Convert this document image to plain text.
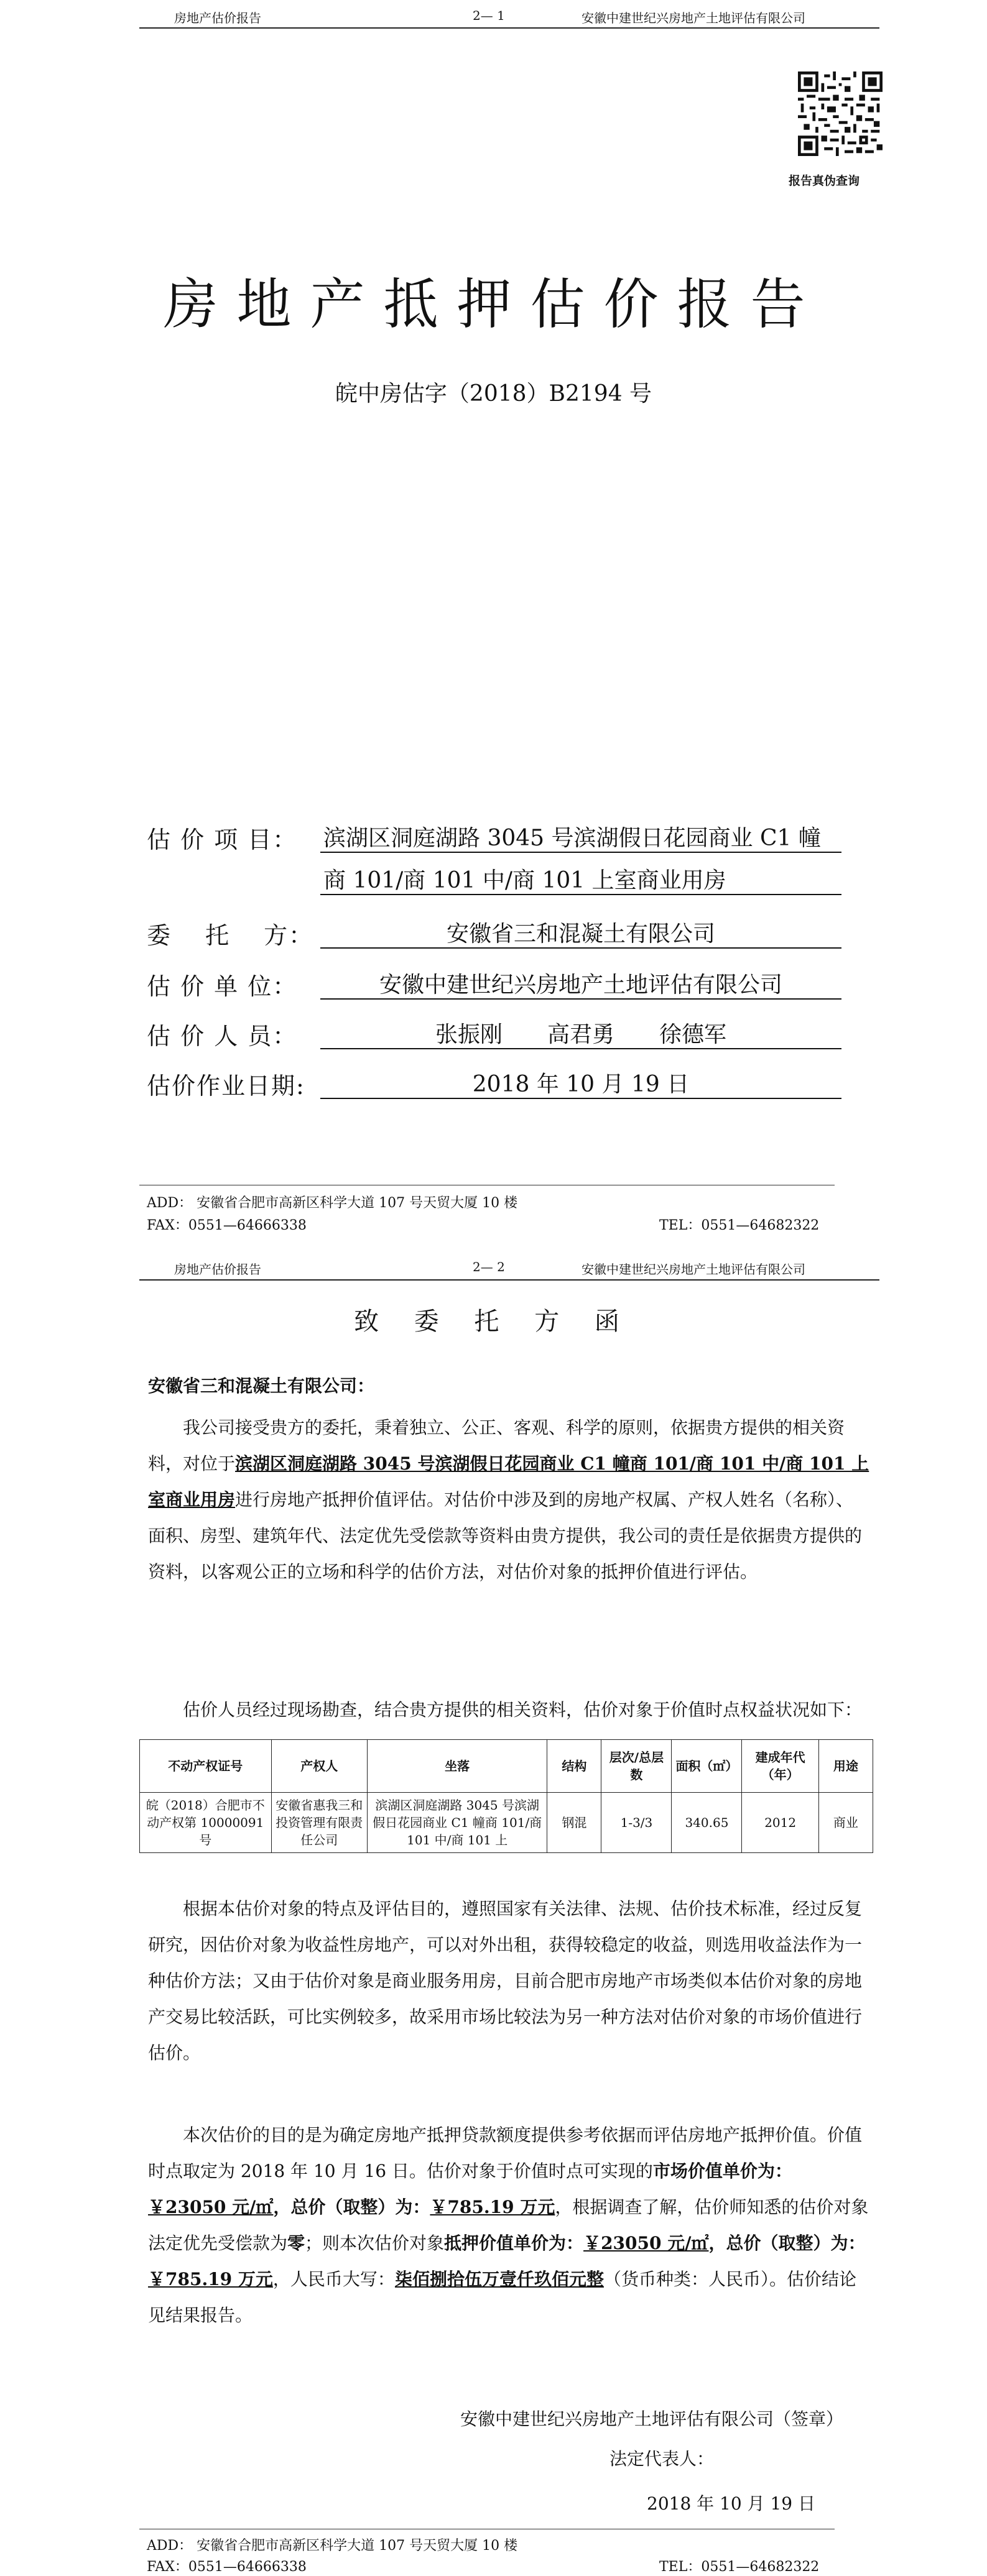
房地产估价报告	2— 1	安徽中建世纪兴房地产土地评估有限公司
报告真伪查询
房地产抵押估价报告
皖中房估字（2018）B2194 号
估 价 项 目： 滨湖区洞庭湖路 3045 号滨湖假日花园商业 C1 幢
商 101/商 101 中/商 101 上室商业用房
委　 托　 方：	安徽省三和混凝土有限公司
估 价 单 位：	安徽中建世纪兴房地产土地评估有限公司
估 价 人 员：	张振刚　　高君勇　　徐德军
估价作业日期:	2018 年 10 月 19 日
ADD： 安徽省合肥市高新区科学大道 107 号天贸大厦 10 楼
FAX：0551—64666338	TEL：0551—64682322
房地产估价报告	2— 2	安徽中建世纪兴房地产土地评估有限公司
致 委 托 方 函
安徽省三和混凝土有限公司：
我公司接受贵方的委托，秉着独立、公正、客观、科学的原则，依据贵方提供的相关资料，对位于滨湖区洞庭湖路 3045 号滨湖假日花园商业 C1 幢商 101/商 101 中/商 101 上室商业用房进行房地产抵押价值评估。对估价中涉及到的房地产权属、产权人姓名（名称）、面积、房型、建筑年代、法定优先受偿款等资料由贵方提供，我公司的责任是依据贵方提供的资料，以客观公正的立场和科学的估价方法，对估价对象的抵押价值进行评估。
估价人员经过现场勘查，结合贵方提供的相关资料，估价对象于价值时点权益状况如下：
不动产权证号	产权人	坐落	结构	层次/总层数	面积（㎡）	建成年代（年）	用途
皖（2018）合肥市不动产权第 10000091 号	安徽省惠我三和投资管理有限责任公司	滨湖区洞庭湖路 3045 号滨湖假日花园商业 C1 幢商 101/商 101 中/商 101 上	钢混	1-3/3	340.65	2012	商业
根据本估价对象的特点及评估目的，遵照国家有关法律、法规、估价技术标准，经过反复研究，因估价对象为收益性房地产，可以对外出租，获得较稳定的收益，则选用收益法作为一种估价方法；又由于估价对象是商业服务用房，目前合肥市房地产市场类似本估价对象的房地产交易比较活跃，可比实例较多，故采用市场比较法为另一种方法对估价对象的市场价值进行估价。
本次估价的目的是为确定房地产抵押贷款额度提供参考依据而评估房地产抵押价值。价值时点取定为 2018 年 10 月 16 日。估价对象于价值时点可实现的市场价值单价为：￥23050 元/㎡，总价（取整）为：￥785.19 万元，根据调查了解，估价师知悉的估价对象法定优先受偿款为零；则本次估价对象抵押价值单价为：￥23050 元/㎡，总价（取整）为：￥785.19 万元，人民币大写：柒佰捌拾伍万壹仟玖佰元整（货币种类：人民币）。估价结论见结果报告。
安徽中建世纪兴房地产土地评估有限公司（签章）
法定代表人：
2018 年 10 月 19 日
ADD： 安徽省合肥市高新区科学大道 107 号天贸大厦 10 楼
FAX：0551—64666338	TEL：0551—64682322
